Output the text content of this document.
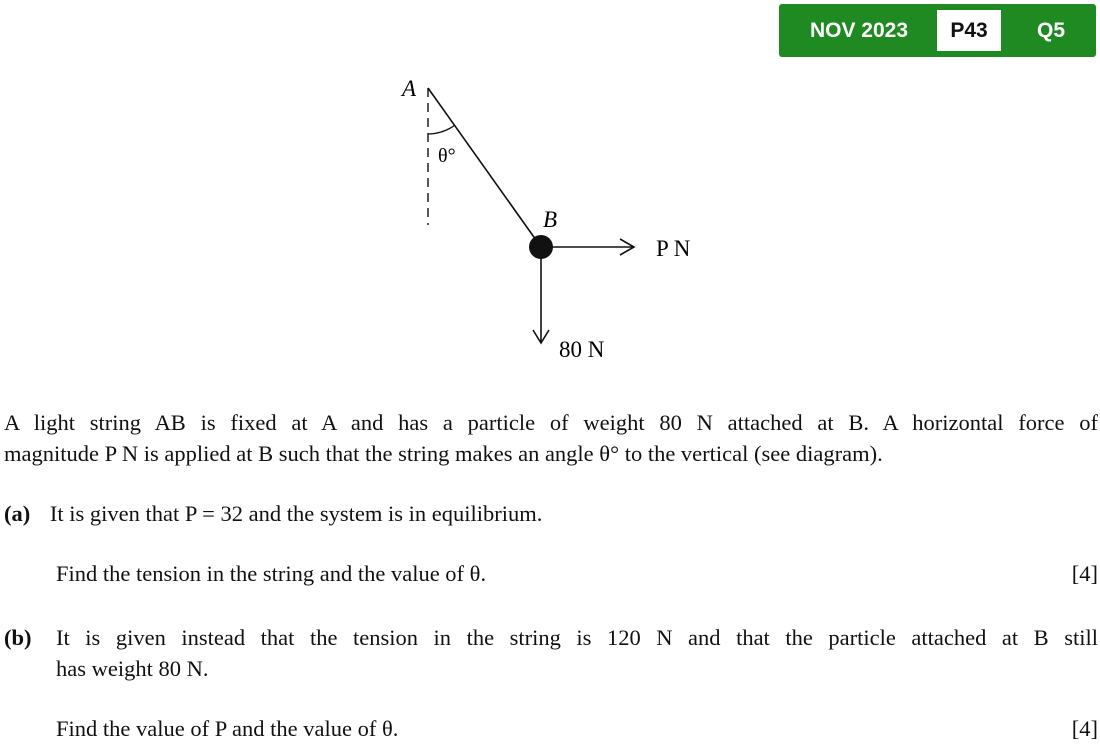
NOV 2023	P43	Q5
A
B
θ°
P N
80 N
A light string AB is fixed at A and has a particle of weight 80 N attached at B. A horizontal force of
magnitude P N is applied at B such that the string makes an angle θ° to the vertical (see diagram).
(a) It is given that P = 32 and the system is in equilibrium.
Find the tension in the string and the value of θ.	[4]
(b) It is given instead that the tension in the string is 120 N and that the particle attached at B still
has weight 80 N.
Find the value of P and the value of θ.	[4]
